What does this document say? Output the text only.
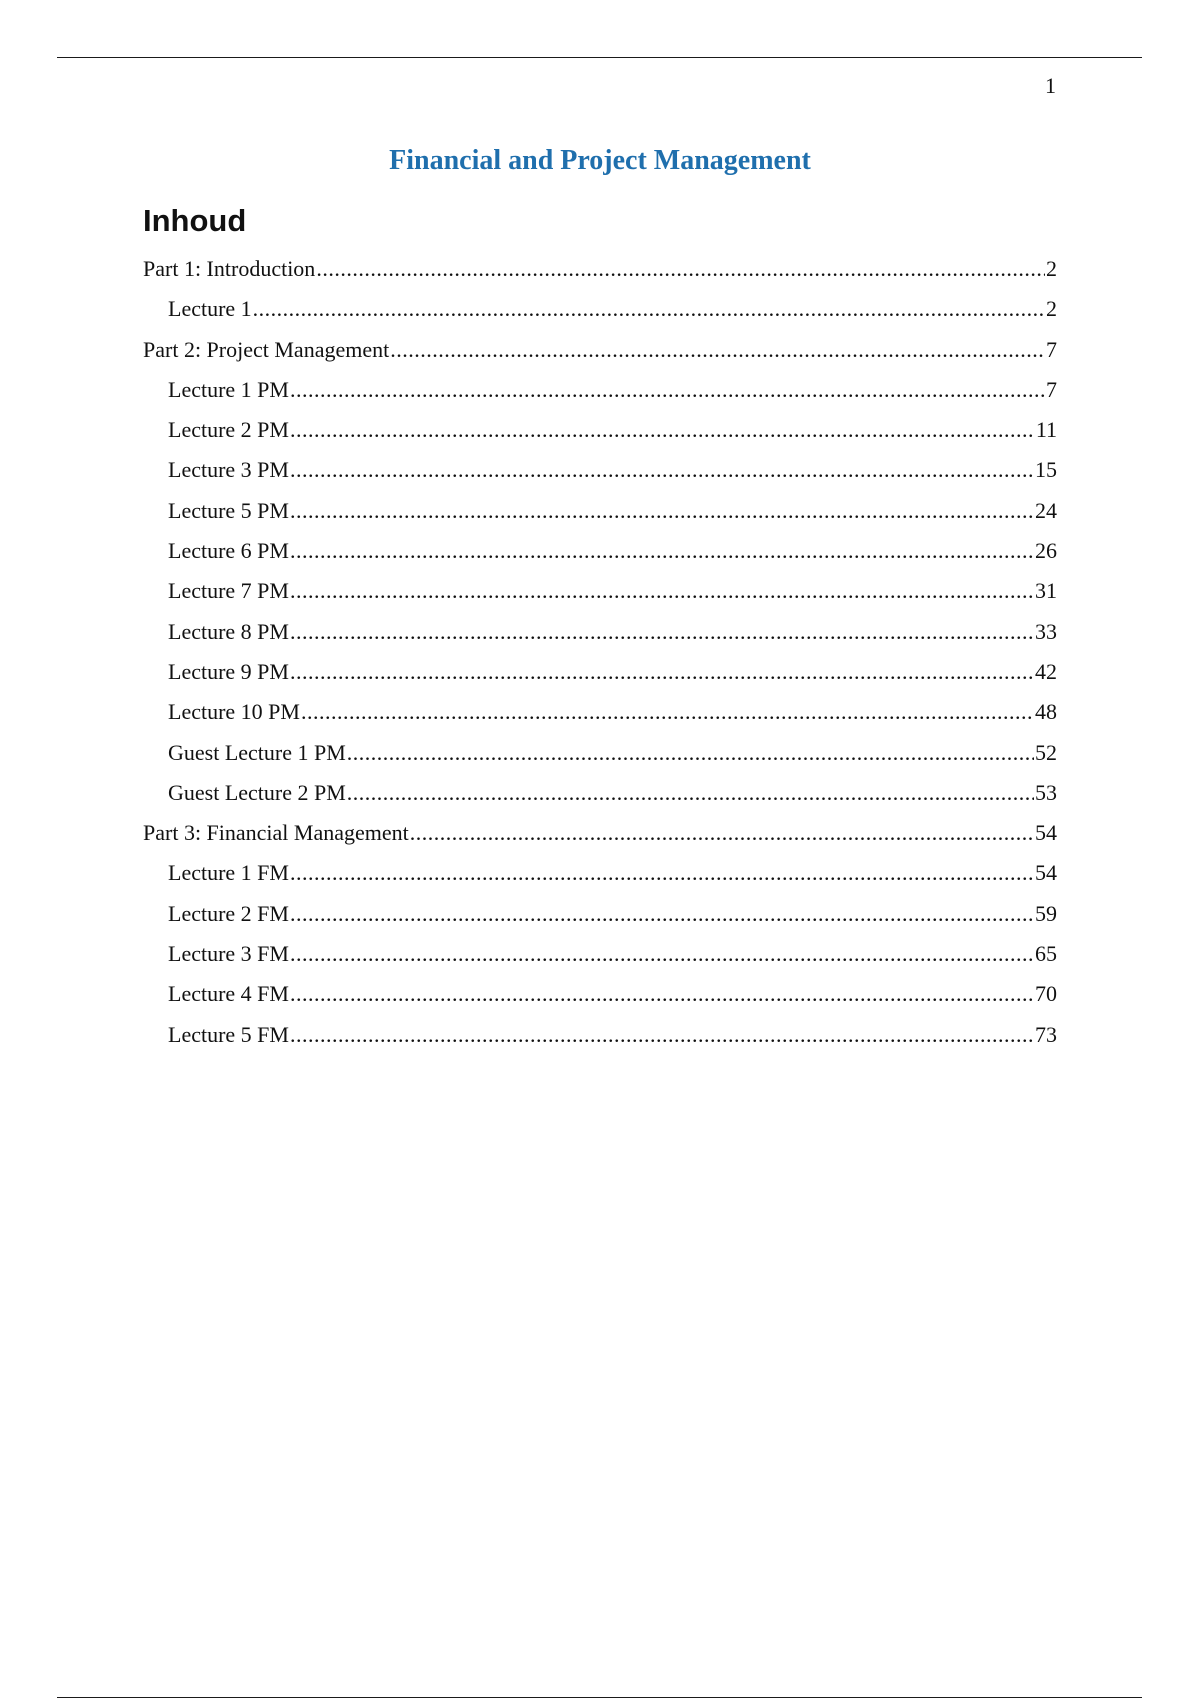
1
Financial and Project Management
Inhoud
Part 1: Introduction .....	2
Lecture 1 .....	2
Part 2: Project Management .....	7
Lecture 1 PM .....	7
Lecture 2 PM .....	11
Lecture 3 PM .....	15
Lecture 5 PM .....	24
Lecture 6 PM .....	26
Lecture 7 PM .....	31
Lecture 8 PM .....	33
Lecture 9 PM .....	42
Lecture 10 PM .....	48
Guest Lecture 1 PM .....	52
Guest Lecture 2 PM .....	53
Part 3: Financial Management .....	54
Lecture 1 FM .....	54
Lecture 2 FM .....	59
Lecture 3 FM .....	65
Lecture 4 FM .....	70
Lecture 5 FM .....	73
